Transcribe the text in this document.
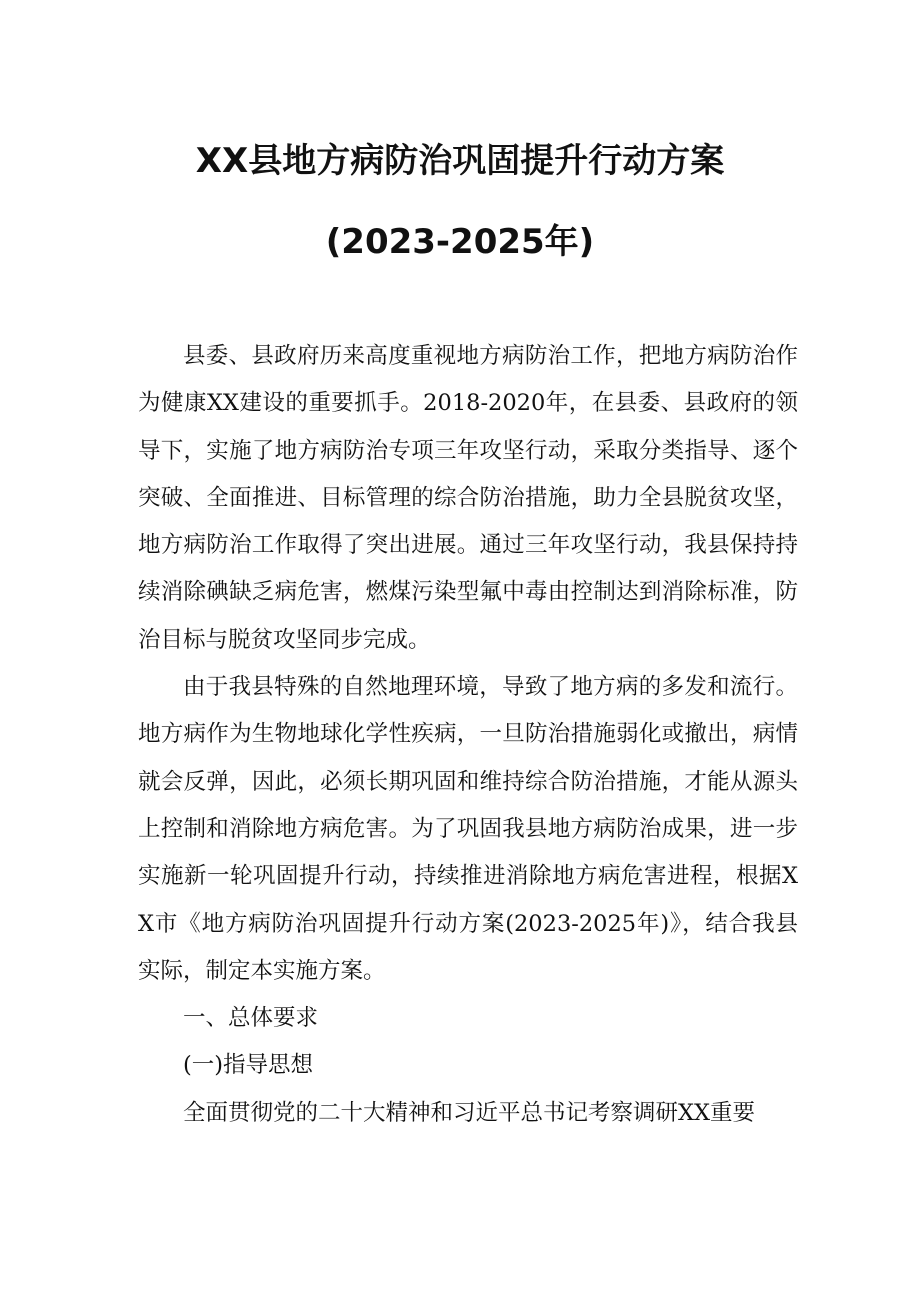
XX县地方病防治巩固提升行动方案
(2023-2025年)

县委、县政府历来高度重视地方病防治工作，把地方病防治作为健康XX建设的重要抓手。2018-2020年，在县委、县政府的领导下，实施了地方病防治专项三年攻坚行动，采取分类指导、逐个突破、全面推进、目标管理的综合防治措施，助力全县脱贫攻坚，地方病防治工作取得了突出进展。通过三年攻坚行动，我县保持持续消除碘缺乏病危害，燃煤污染型氟中毒由控制达到消除标准，防治目标与脱贫攻坚同步完成。

由于我县特殊的自然地理环境，导致了地方病的多发和流行。地方病作为生物地球化学性疾病，一旦防治措施弱化或撤出，病情就会反弹，因此，必须长期巩固和维持综合防治措施，才能从源头上控制和消除地方病危害。为了巩固我县地方病防治成果，进一步实施新一轮巩固提升行动，持续推进消除地方病危害进程，根据XX市《地方病防治巩固提升行动方案(2023-2025年)》，结合我县实际，制定本实施方案。

一、总体要求

(一)指导思想

全面贯彻党的二十大精神和习近平总书记考察调研XX重要
